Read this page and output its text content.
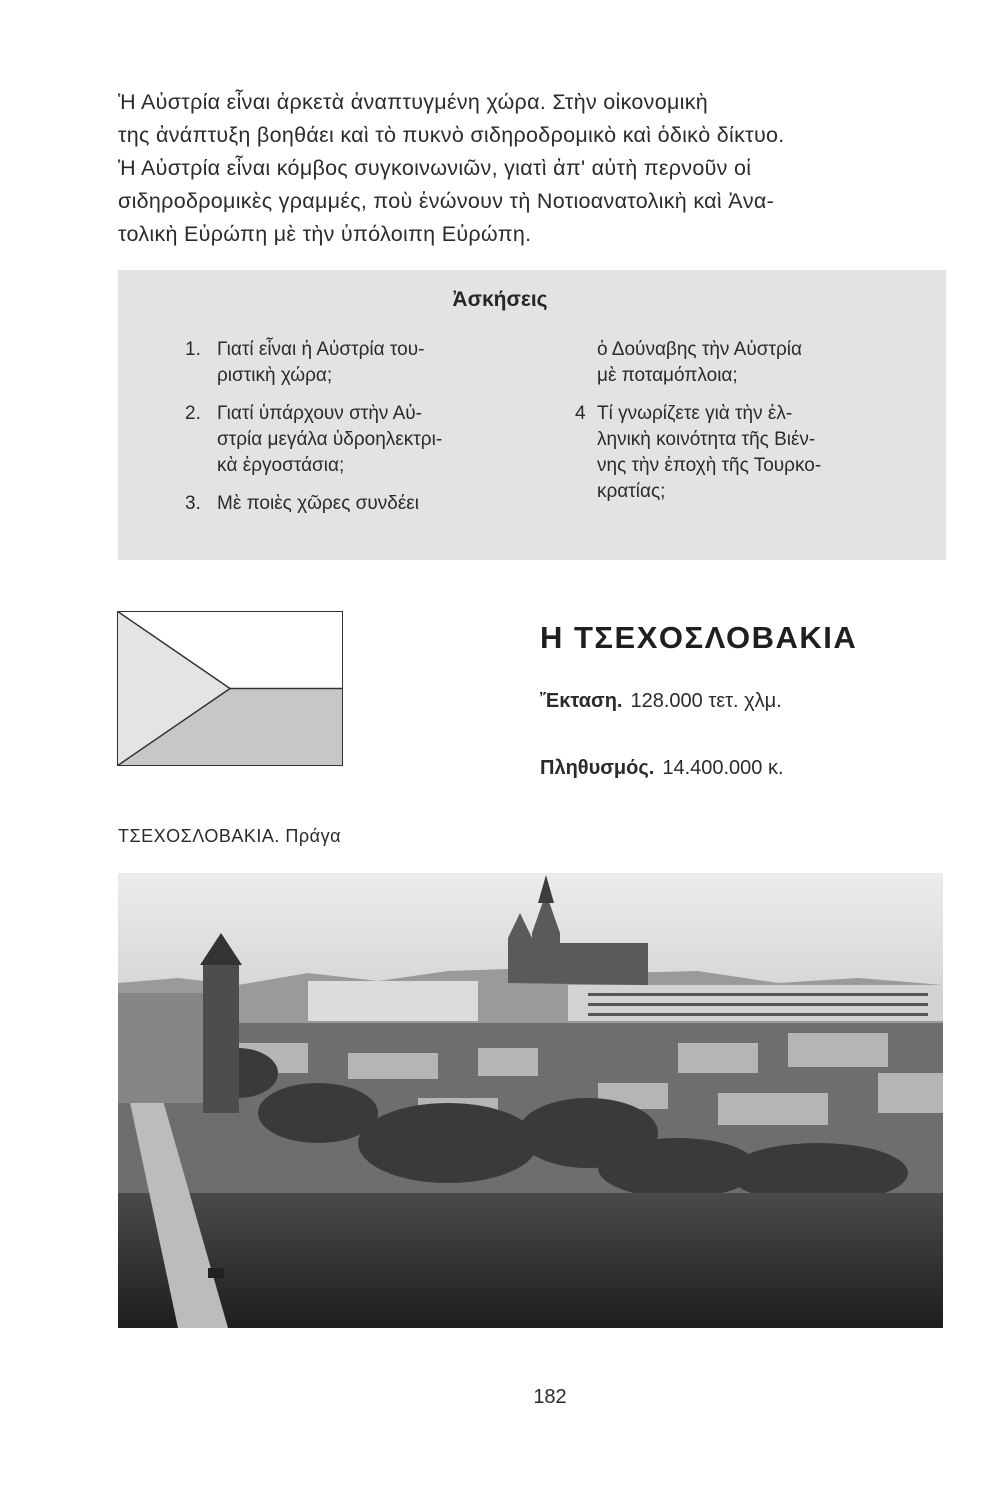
Ἡ Αὐστρία εἶναι ἀρκετὰ ἀναπτυγμένη χώρα. Στὴν οἰκονομικὴ

της ἀνάπτυξη βοηθάει καὶ τὸ πυκνὸ σιδηροδρομικὸ καὶ ὁδικὸ δίκτυο.

Ἡ Αὐστρία εἶναι κόμβος συγκοινωνιῶν, γιατὶ ἀπ' αὐτὴ περνοῦν οἱ

σιδηροδρομικὲς γραμμές, ποὺ ἑνώνουν τὴ Νοτιοανατολικὴ καὶ Ἀνα-

τολικὴ Εὐρώπη μὲ τὴν ὑπόλοιπη Εὐρώπη.

Ἀσκήσεις
1. Γιατί εἶναι ἡ Αὐστρία του-
ριστικὴ χώρα;
2. Γιατί ὑπάρχουν στὴν Αὐ-
στρία μεγάλα ὑδροηλεκτρι-
κὰ ἐργοστάσια;
3. Μὲ ποιὲς χῶρες συνδέει
ὁ Δούναβης τὴν Αὐστρία
μὲ ποταμόπλοια;
4 Τί γνωρίζετε γιὰ τὴν ἑλ-
ληνικὴ κοινότητα τῆς Βιέν-
νης τὴν ἐποχὴ τῆς Τουρκο-
κρατίας;
Η ΤΣΕΧΟΣΛΟΒΑΚΙΑ
Ἔκταση. 128.000 τετ. χλμ.
Πληθυσμός. 14.400.000 κ.
ΤΣΕΧΟΣΛΟΒΑΚΙΑ. Πράγα
182
